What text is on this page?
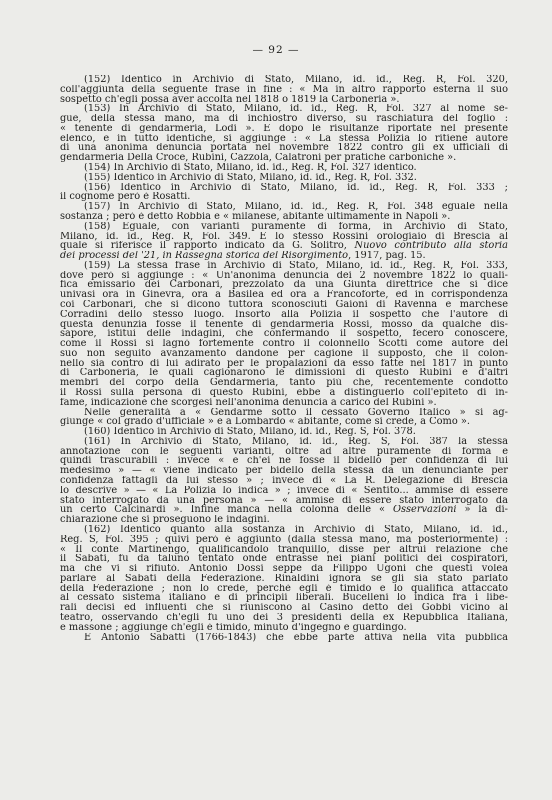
— 92 —
(152) Identico in Archivio di Stato, Milano, id. id., Reg. R, Fol. 320,
coll'aggiunta della seguente frase in fine : « Ma in altro rapporto esterna il suo
sospetto ch'egli possa aver accolta nel 1818 o 1819 la Carboneria ».
(153) In Archivio di Stato, Milano, id. id., Reg. R, Fol. 327 al nome se-
gue, della stessa mano, ma di inchiostro diverso, su raschiatura del foglio :
« tenente di gendarmeria, Lodi ». E dopo le risultanze riportate nel presente
elenco, e in tutto identiche, si aggiunge : « La stessa Polizia lo ritiene autore
di una anonima denuncia portata nel novembre 1822 contro gli ex ufficiali di
gendarmeria Della Croce, Rubini, Cazzola, Calatroni per pratiche carboniche ».
(154) In Archivio di Stato, Milano, id. id., Reg. R, Fol. 327 identico.
(155) Identico in Archivio di Stato, Milano, id. id., Reg. R, Fol. 332.
(156) Identico in Archivio di Stato, Milano, id. id., Reg. R, Fol. 333 ;
il cognome però è Rosatti.
(157) In Archivio di Stato, Milano, id. id., Reg. R, Fol. 348 eguale nella
sostanza ; però è detto Robbia e « milanese, abitante ultimamente in Napoli ».
(158) Eguale, con varianti puramente di forma, in Archivio di Stato,
Milano, id. id., Reg. R, Fol. 349. E lo stesso Rossini orologiaio di Brescia al
quale si riferisce il rapporto indicato da G. Solitro, Nuovo contributo alla storia
dei processi del '21, in Rassegna storica del Risorgimento, 1917, pag. 15.
(159) La stessa frase in Archivio di Stato, Milano, id. id., Reg. R, Fol. 333,
dove però si aggiunge : « Un'anonima denuncia dei 2 novembre 1822 lo quali-
fica emissario dei Carbonari, prezzolato da una Giunta direttrice che si dice
univasi ora in Ginevra, ora a Basilea ed ora a Francoforte, ed in corrispondenza
coi Carbonari, che si dicono tuttora sconosciuti Gaioni di Ravenna e marchese
Corradini dello stesso luogo. Insorto alla Polizia il sospetto che l'autore di
questa denunzia fosse il tenente di gendarmeria Rossi, mosso da qualche dis-
sapore, istituì delle indagini, che confermando il sospetto, fecero conoscere,
come il Rossi si lagnò fortemente contro il colonnello Scotti come autore del
suo non seguito avanzamento dandone per cagione il supposto, che il colon-
nello sia contro di lui adirato per le propalazioni da esso fatte nel 1817 in punto
di Carboneria, le quali cagionarono le dimissioni di questo Rubini e d'altri
membri del corpo della Gendarmeria, tanto più che, recentemente condotto
il Rossi sulla persona di questo Rubini, ebbe a distinguerlo coll'epiteto di in-
fame, indicazione che scorgesi nell'anonima denuncia a carico del Rubini ».
Nelle generalità a « Gendarme sotto il cessato Governo Italico » si ag-
giunge « col grado d'ufficiale » e a Lombardo « abitante, come si crede, a Como ».
(160) Identico in Archivio di Stato, Milano, id. id., Reg. S, Fol. 378.
(161) In Archivio di Stato, Milano, id. id., Reg. S, Fol. 387 la stessa
annotazione con le seguenti varianti, oltre ad altre puramente di forma e
quindi trascurabili : invece « e ch'ei ne fosse il bidello per confidenza di lui
medesimo » — « viene indicato per bidello della stessa da un denunciante per
confidenza fattagli da lui stesso » ; invece di « La R. Delegazione di Brescia
lo descrive » — « La Polizia lo indica » ; invece di « Sentito... ammise di essere
stato interrogato da una persona » — « ammise di essere stato interrogato da
un certo Calcinardi ». Infine manca nella colonna delle « Osservazioni » la di-
chiarazione che si proseguono le indagini.
(162) Identico quanto alla sostanza in Archivio di Stato, Milano, id. id.,
Reg. S, Fol. 395 ; quivi però è aggiunto (dalla stessa mano, ma posteriormente) :
« Il conte Martinengo, qualificandolo tranquillo, disse per altrui relazione che
il Sabati, fu da taluno tentato onde entrasse nei piani politici dei cospiratori,
ma che vi si rifiutò. Antonio Dossi seppe da Filippo Ugoni che questi volea
parlare al Sabati della Federazione. Rinaldini ignora se gli sia stato parlato
della Federazione ; non lo crede, perchè egli è timido e lo qualifica attaccato
al cessato sistema italiano e di principii liberali. Bucelleni lo indica fra i libe-
rali decisi ed influenti che si riuniscono al Casino detto dei Gobbi vicino al
teatro, osservando ch'egli fu uno dei 3 presidenti della ex Repubblica Italiana,
e massone ; aggiunge ch'egli è timido, minuto d'ingegno e guardingo.
È Antonio Sabatti (1766-1843) che ebbe parte attiva nella vita pubblica
